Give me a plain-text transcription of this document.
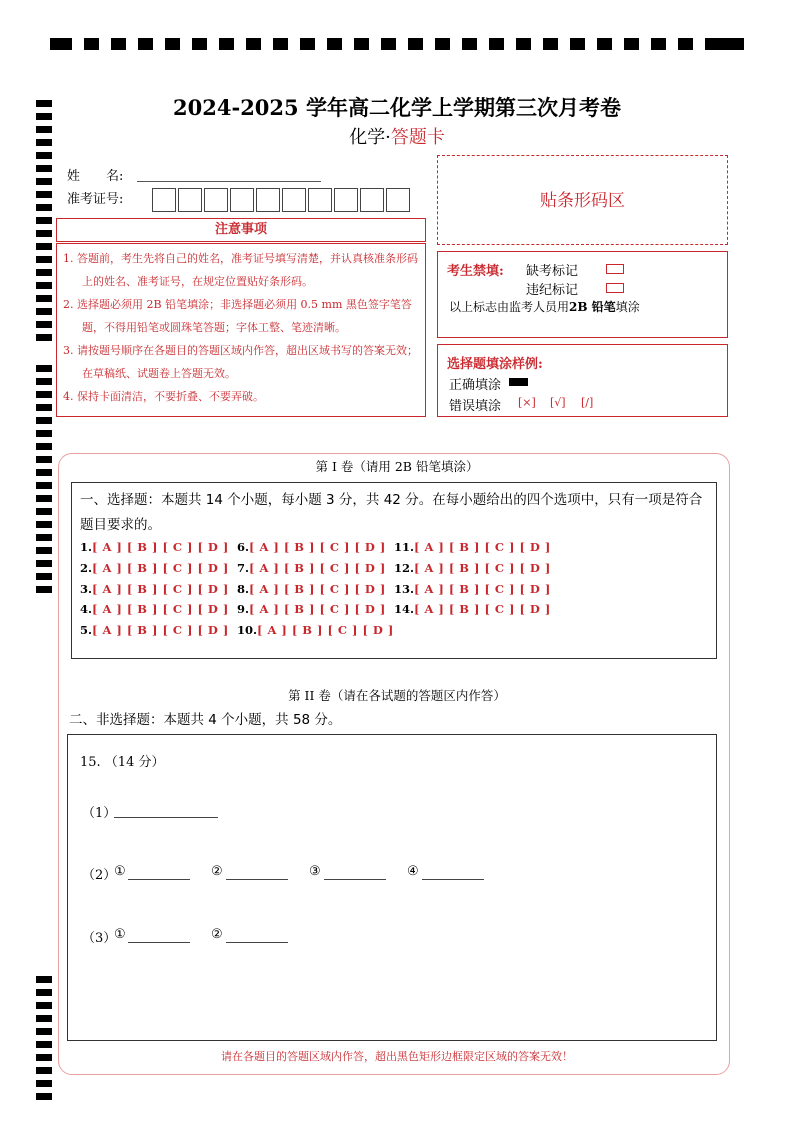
2024-2025 学年高二化学上学期第三次月考卷
化学·答题卡
姓　　名:
准考证号:	贴条形码区
注意事项
1. 答题前，考生先将自己的姓名，准考证号填写清楚，并认真核准条形码上的姓名、准考证号，在规定位置贴好条形码。
2. 选择题必须用 2B 铅笔填涂；非选择题必须用 0.5 mm 黑色签字笔答题，不得用铅笔或圆珠笔答题；字体工整、笔迹清晰。
3. 请按题号顺序在各题目的答题区域内作答，超出区域书写的答案无效；在草稿纸、试题卷上答题无效。
4. 保持卡面清洁，不要折叠、不要弄破。
考生禁填: 缺考标记
违纪标记
以上标志由监考人员用2B 铅笔填涂
选择题填涂样例:
正确填涂
错误填涂 [×] [√] [/]
第 I 卷（请用 2B 铅笔填涂）
一、选择题：本题共 14 个小题，每小题 3 分，共 42 分。在每小题给出的四个选项中，只有一项是符合题目要求的。
1.[ A ] [ B ] [ C ] [ D ]
2.[ A ] [ B ] [ C ] [ D ]
3.[ A ] [ B ] [ C ] [ D ]
4.[ A ] [ B ] [ C ] [ D ]
5.[ A ] [ B ] [ C ] [ D ]
6.[ A ] [ B ] [ C ] [ D ]
7.[ A ] [ B ] [ C ] [ D ]
8.[ A ] [ B ] [ C ] [ D ]
9.[ A ] [ B ] [ C ] [ D ]
10.[ A ] [ B ] [ C ] [ D ]
11.[ A ] [ B ] [ C ] [ D ]
12.[ A ] [ B ] [ C ] [ D ]
13.[ A ] [ B ] [ C ] [ D ]
14.[ A ] [ B ] [ C ] [ D ]
第 II 卷（请在各试题的答题区内作答）
二、非选择题：本题共 4 个小题，共 58 分。
15. （14 分）
（1）
（2）
①	②	③	④
（3）
①	②
请在各题目的答题区域内作答，超出黑色矩形边框限定区域的答案无效！
